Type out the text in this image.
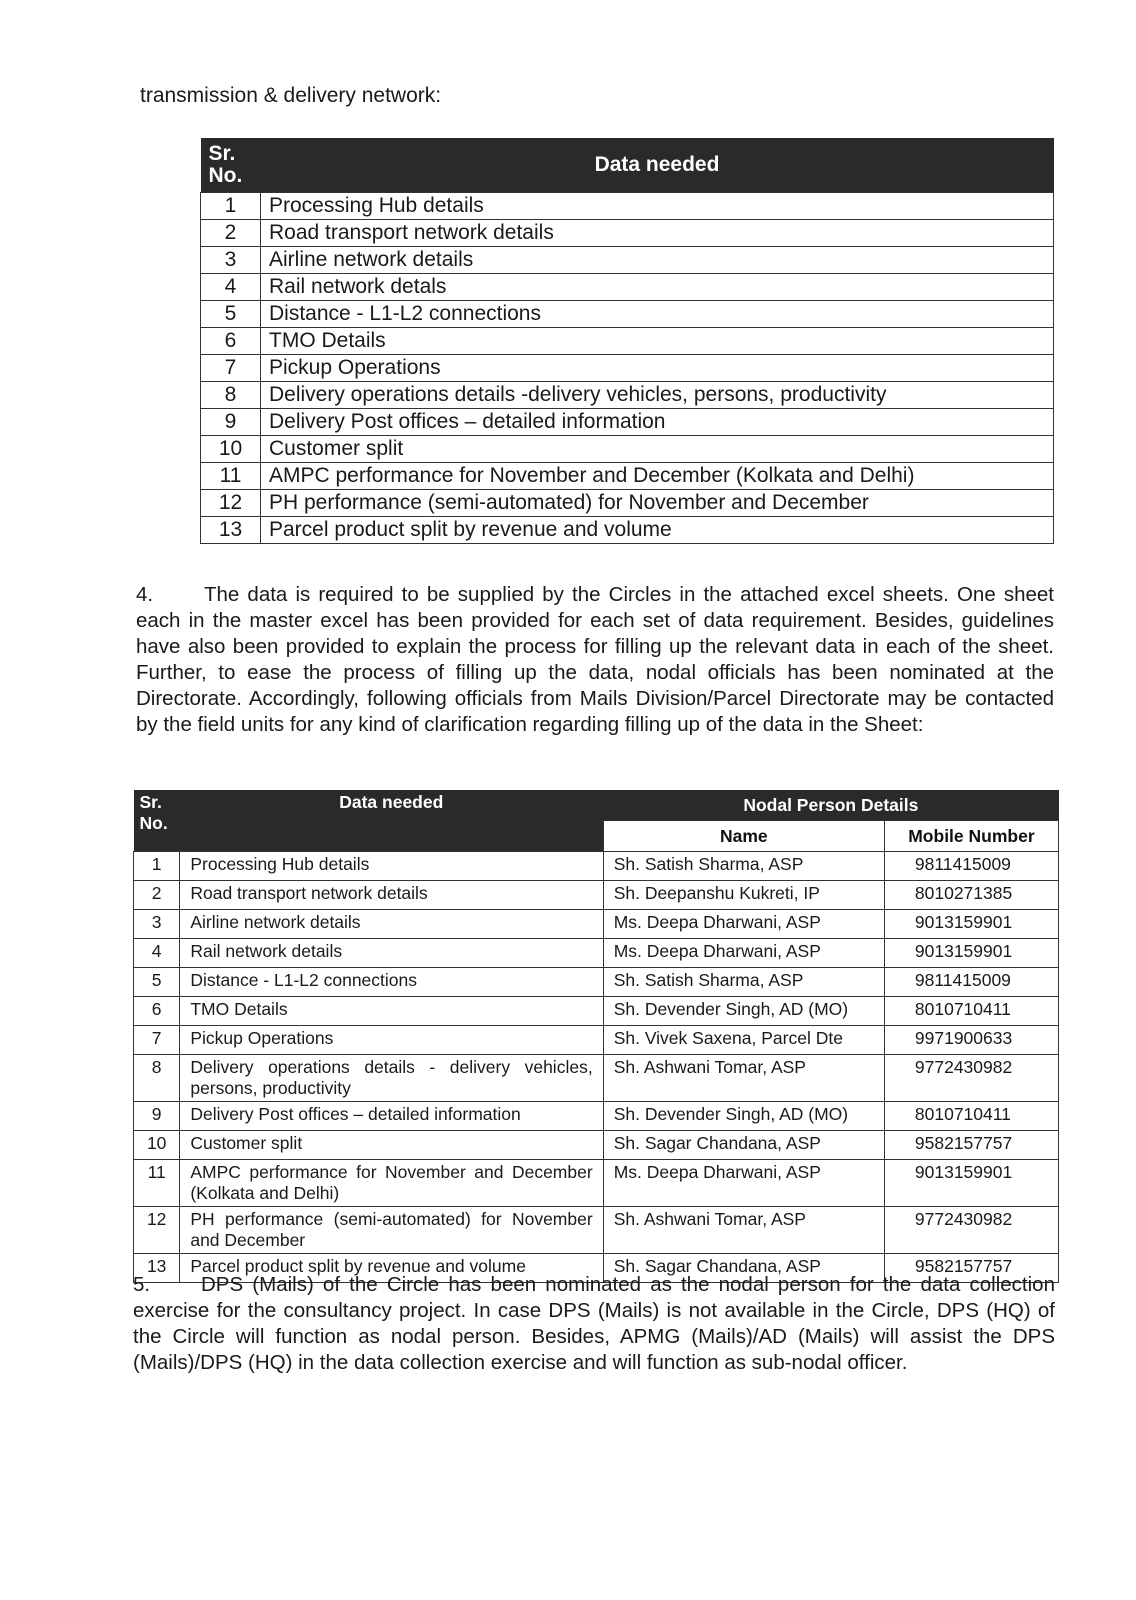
transmission & delivery network:
Sr. No.	Data needed
1	Processing Hub details
2	Road transport network details
3	Airline network details
4	Rail network detals
5	Distance - L1-L2 connections
6	TMO Details
7	Pickup Operations
8	Delivery operations details -delivery vehicles, persons, productivity
9	Delivery Post offices – detailed information
10	Customer split
11	AMPC performance for November and December (Kolkata and Delhi)
12	PH performance (semi-automated) for November and December
13	Parcel product split by revenue and volume
4. The data is required to be supplied by the Circles in the attached excel sheets. One sheet each in the master excel has been provided for each set of data requirement. Besides, guidelines have also been provided to explain the process for filling up the relevant data in each of the sheet. Further, to ease the process of filling up the data, nodal officials has been nominated at the Directorate. Accordingly, following officials from Mails Division/Parcel Directorate may be contacted by the field units for any kind of clarification regarding filling up of the data in the Sheet:
Sr. No.	Data needed	Nodal Person Details	
		Name	Mobile Number
1	Processing Hub details	Sh. Satish Sharma, ASP	9811415009
2	Road transport network details	Sh. Deepanshu Kukreti, IP	8010271385
3	Airline network details	Ms. Deepa Dharwani, ASP	9013159901
4	Rail network details	Ms. Deepa Dharwani, ASP	9013159901
5	Distance - L1-L2 connections	Sh. Satish Sharma, ASP	9811415009
6	TMO Details	Sh. Devender Singh, AD (MO)	8010710411
7	Pickup Operations	Sh. Vivek Saxena, Parcel Dte	9971900633
8	Delivery operations details - delivery vehicles, persons, productivity	Sh. Ashwani Tomar, ASP	9772430982
9	Delivery Post offices – detailed information	Sh. Devender Singh, AD (MO)	8010710411
10	Customer split	Sh. Sagar Chandana, ASP	9582157757
11	AMPC performance for November and December (Kolkata and Delhi)	Ms. Deepa Dharwani, ASP	9013159901
12	PH performance (semi-automated) for November and December	Sh. Ashwani Tomar, ASP	9772430982
13	Parcel product split by revenue and volume	Sh. Sagar Chandana, ASP	9582157757
5. DPS (Mails) of the Circle has been nominated as the nodal person for the data collection exercise for the consultancy project. In case DPS (Mails) is not available in the Circle, DPS (HQ) of the Circle will function as nodal person. Besides, APMG (Mails)/AD (Mails) will assist the DPS (Mails)/DPS (HQ) in the data collection exercise and will function as sub-nodal officer.
